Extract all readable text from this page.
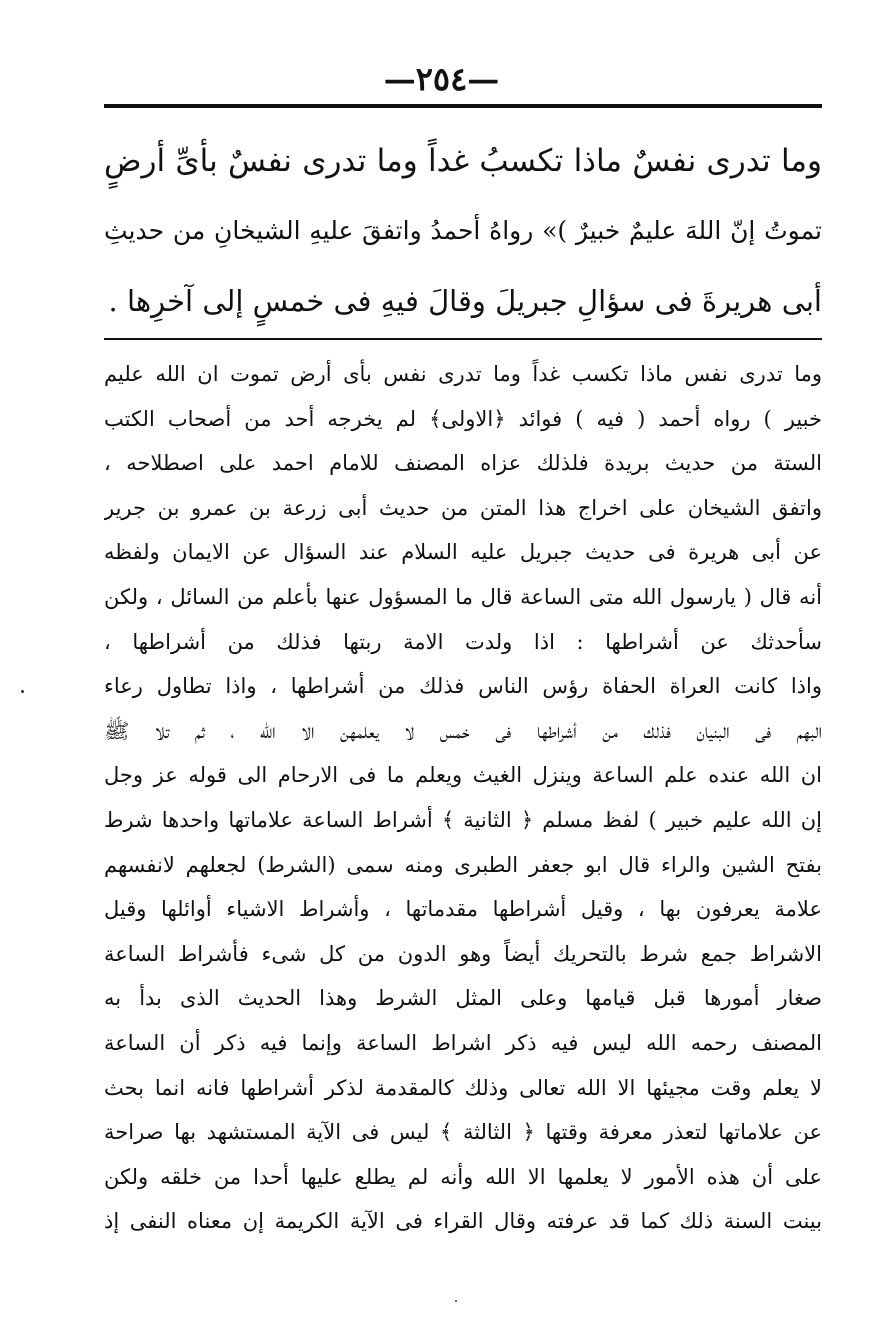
—٢٥٤—
وما تدرى نفسٌ ماذا تكسبُ غداً وما تدرى نفسٌ بأىِّ أرضٍ
تموتُ إنّ اللهَ عليمٌ خبيرٌ )» رواهُ أحمدُ واتفقَ عليهِ الشيخانِ من حديثِ
أبى هريرةَ فى سؤالِ جبريلَ وقالَ فيهِ فى خمسٍ إلى آخرِها .
وما تدرى نفس ماذا تكسب غداً وما تدرى نفس بأى أرض تموت ان الله عليم
خبير ) رواه أحمد ( فيه ) فوائد ﴿الاولى﴾ لم يخرجه أحد من أصحاب الكتب
الستة من حديث بريدة فلذلك عزاه المصنف للامام احمد على اصطلاحه ،
واتفق الشيخان على اخراج هذا المتن من حديث أبى زرعة بن عمرو بن جرير
عن أبى هريرة فى حديث جبريل عليه السلام عند السؤال عن الايمان ولفظه
أنه قال ( يارسول الله متى الساعة قال ما المسؤول عنها بأعلم من السائل ، ولكن
سأحدثك عن أشراطها : اذا ولدت الامة ربتها فذلك من أشراطها ،
واذا كانت العراة الحفاة رؤس الناس فذلك من أشراطها ، واذا تطاول رعاء
البهم فى البنيان فذلك من أشراطها فى خمس لا يعلمهن الا الله ، ثم تلا ﷺ
ان الله عنده علم الساعة وينزل الغيث ويعلم ما فى الارحام الى قوله عز وجل
إن الله عليم خبير ) لفظ مسلم ﴿ الثانية ﴾ أشراط الساعة علاماتها واحدها شرط
بفتح الشين والراء قال ابو جعفر الطبرى ومنه سمى (الشرط) لجعلهم لانفسهم
علامة يعرفون بها ، وقيل أشراطها مقدماتها ، وأشراط الاشياء أوائلها وقيل
الاشراط جمع شرط بالتحريك أيضاً وهو الدون من كل شىء فأشراط الساعة
صغار أمورها قبل قيامها وعلى المثل الشرط وهذا الحديث الذى بدأ به
المصنف رحمه الله ليس فيه ذكر اشراط الساعة وإنما فيه ذكر أن الساعة
لا يعلم وقت مجيئها الا الله تعالى وذلك كالمقدمة لذكر أشراطها فانه انما بحث
عن علاماتها لتعذر معرفة وقتها ﴿ الثالثة ﴾ ليس فى الآية المستشهد بها صراحة
على أن هذه الأمور لا يعلمها الا الله وأنه لم يطلع عليها أحدا من خلقه ولكن
بينت السنة ذلك كما قد عرفته وقال القراء فى الآية الكريمة إن معناه النفى إذ
